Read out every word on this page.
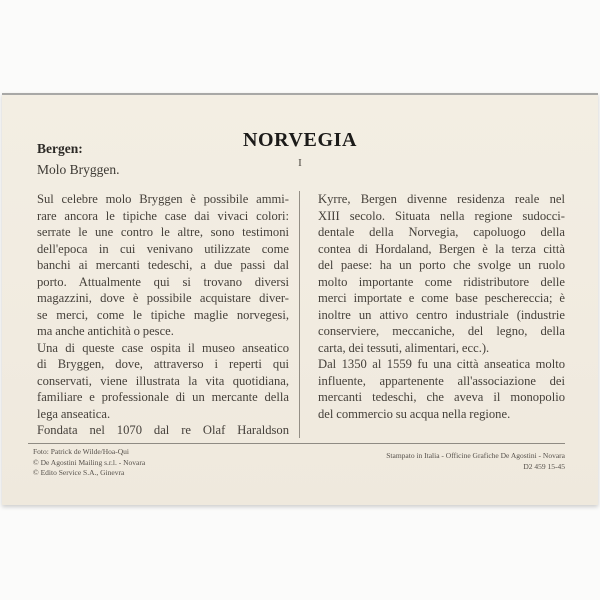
NORVEGIA
I
Bergen:
Molo Bryggen.
Sul celebre molo Bryggen è possibile ammi-
rare ancora le tipiche case dai vivaci colori:
serrate le une contro le altre, sono testimoni
dell'epoca in cui venivano utilizzate come
banchi ai mercanti tedeschi, a due passi dal
porto. Attualmente qui si trovano diversi
magazzini, dove è possibile acquistare diver-
se merci, come le tipiche maglie norvegesi,
ma anche antichità o pesce.
Una di queste case ospita il museo anseatico
di Bryggen, dove, attraverso i reperti qui
conservati, viene illustrata la vita quotidiana,
familiare e professionale di un mercante della
lega anseatica.
Fondata nel 1070 dal re Olaf Haraldson
Kyrre, Bergen divenne residenza reale nel
XIII secolo. Situata nella regione sudocci-
dentale della Norvegia, capoluogo della
contea di Hordaland, Bergen è la terza città
del paese: ha un porto che svolge un ruolo
molto importante come ridistributore delle
merci importate e come base peschereccia; è
inoltre un attivo centro industriale (industrie
conserviere, meccaniche, del legno, della
carta, dei tessuti, alimentari, ecc.).
Dal 1350 al 1559 fu una città anseatica molto
influente, appartenente all'associazione dei
mercanti tedeschi, che aveva il monopolio
del commercio su acqua nella regione.
Foto: Patrick de Wilde/Hoa-Qui
© De Agostini Mailing s.r.l. - Novara
© Edito Service S.A., Ginevra
Stampato in Italia - Officine Grafiche De Agostini - Novara
D2 459 15-45
